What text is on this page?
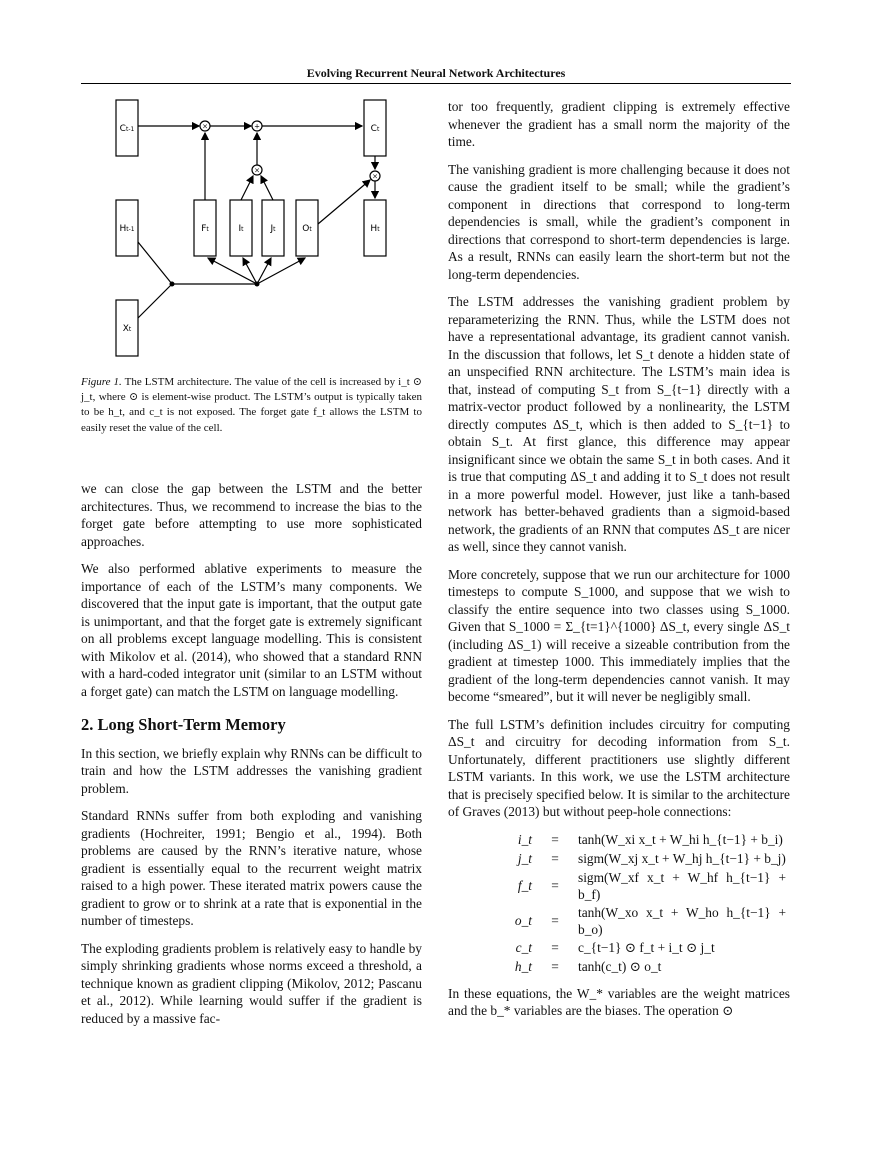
Evolving Recurrent Neural Network Architectures
×	+
×
×
Ct-1	Ct
Ht-1	Ft	It	Jt	Ot	Ht
Xt
Figure 1. The LSTM architecture. The value of the cell is increased by i_t ⊙ j_t, where ⊙ is element-wise product. The LSTM’s output is typically taken to be h_t, and c_t is not exposed. The forget gate f_t allows the LSTM to easily reset the value of the cell.

we can close the gap between the LSTM and the better architectures. Thus, we recommend to increase the bias to the forget gate before attempting to use more sophisticated approaches.

We also performed ablative experiments to measure the importance of each of the LSTM’s many components. We discovered that the input gate is important, that the output gate is unimportant, and that the forget gate is extremely significant on all problems except language modelling. This is consistent with Mikolov et al. (2014), who showed that a standard RNN with a hard-coded integrator unit (similar to an LSTM without a forget gate) can match the LSTM on language modelling.

2. Long Short-Term Memory

In this section, we briefly explain why RNNs can be difficult to train and how the LSTM addresses the vanishing gradient problem.

Standard RNNs suffer from both exploding and vanishing gradients (Hochreiter, 1991; Bengio et al., 1994). Both problems are caused by the RNN’s iterative nature, whose gradient is essentially equal to the recurrent weight matrix raised to a high power. These iterated matrix powers cause the gradient to grow or to shrink at a rate that is exponential in the number of timesteps.

The exploding gradients problem is relatively easy to handle by simply shrinking gradients whose norms exceed a threshold, a technique known as gradient clipping (Mikolov, 2012; Pascanu et al., 2012). While learning would suffer if the gradient is reduced by a massive fac-

tor too frequently, gradient clipping is extremely effective whenever the gradient has a small norm the majority of the time.

The vanishing gradient is more challenging because it does not cause the gradient itself to be small; while the gradient’s component in directions that correspond to long-term dependencies is small, while the gradient’s component in directions that correspond to short-term dependencies is large. As a result, RNNs can easily learn the short-term but not the long-term dependencies.

The LSTM addresses the vanishing gradient problem by reparameterizing the RNN. Thus, while the LSTM does not have a representational advantage, its gradient cannot vanish. In the discussion that follows, let S_t denote a hidden state of an unspecified RNN architecture. The LSTM’s main idea is that, instead of computing S_t from S_{t−1} directly with a matrix-vector product followed by a nonlinearity, the LSTM directly computes ΔS_t, which is then added to S_{t−1} to obtain S_t. At first glance, this difference may appear insignificant since we obtain the same S_t in both cases. And it is true that computing ΔS_t and adding it to S_t does not result in a more powerful model. However, just like a tanh-based network has better-behaved gradients than a sigmoid-based network, the gradients of an RNN that computes ΔS_t are nicer as well, since they cannot vanish.

More concretely, suppose that we run our architecture for 1000 timesteps to compute S_1000, and suppose that we wish to classify the entire sequence into two classes using S_1000. Given that S_1000 = Σ_{t=1}^{1000} ΔS_t, every single ΔS_t (including ΔS_1) will receive a sizeable contribution from the gradient at timestep 1000. This immediately implies that the gradient of the long-term dependencies cannot vanish. It may become “smeared”, but it will never be negligibly small.

The full LSTM’s definition includes circuitry for computing ΔS_t and circuitry for decoding information from S_t. Unfortunately, different practitioners use slightly different LSTM variants. In this work, we use the LSTM architecture that is precisely specified below. It is similar to the architecture of Graves (2013) but without peep-hole connections:

i_t	=	tanh(W_xi x_t + W_hi h_{t−1} + b_i)
j_t	=	sigm(W_xj x_t + W_hj h_{t−1} + b_j)
f_t	=	sigm(W_xf x_t + W_hf h_{t−1} + b_f)
o_t	=	tanh(W_xo x_t + W_ho h_{t−1} + b_o)
c_t	=	c_{t−1} ⊙ f_t + i_t ⊙ j_t
h_t	=	tanh(c_t) ⊙ o_t

In these equations, the W_* variables are the weight matrices and the b_* variables are the biases. The operation ⊙
